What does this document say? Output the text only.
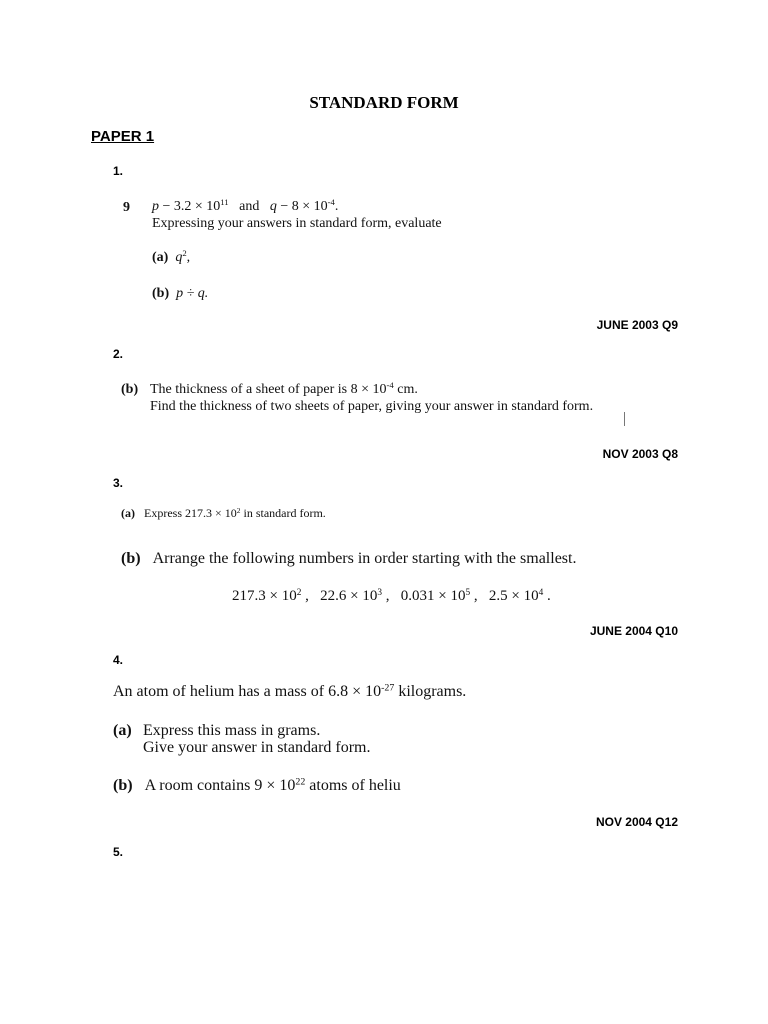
STANDARD FORM
PAPER 1
1.
9 $p - 3.2 \times 10^{11}$ and $q - 8 \times 10^{-4}$.
Expressing your answers in standard form, evaluate
(a) $q^2$,
(b) p ÷ q.
JUNE 2003 Q9
2.
(b) The thickness of a sheet of paper is $8 \times 10^{-4}$ cm.
Find the thickness of two sheets of paper, giving your answer in standard form.
NOV 2003 Q8
3.
(a) Express $217.3 \times 10^2$ in standard form.
(b) Arrange the following numbers in order starting with the smallest.
$217.3 \times 10^2$ , $22.6 \times 10^3$ , $0.031 \times 10^5$ , $2.5 \times 10^4$ .
JUNE 2004 Q10
4.
An atom of helium has a mass of $6.8 \times 10^{-27}$ kilograms.
(a) Express this mass in grams.
Give your answer in standard form.
(b) A room contains $9 \times 10^{22}$ atoms of heliu
NOV 2004 Q12
5.
